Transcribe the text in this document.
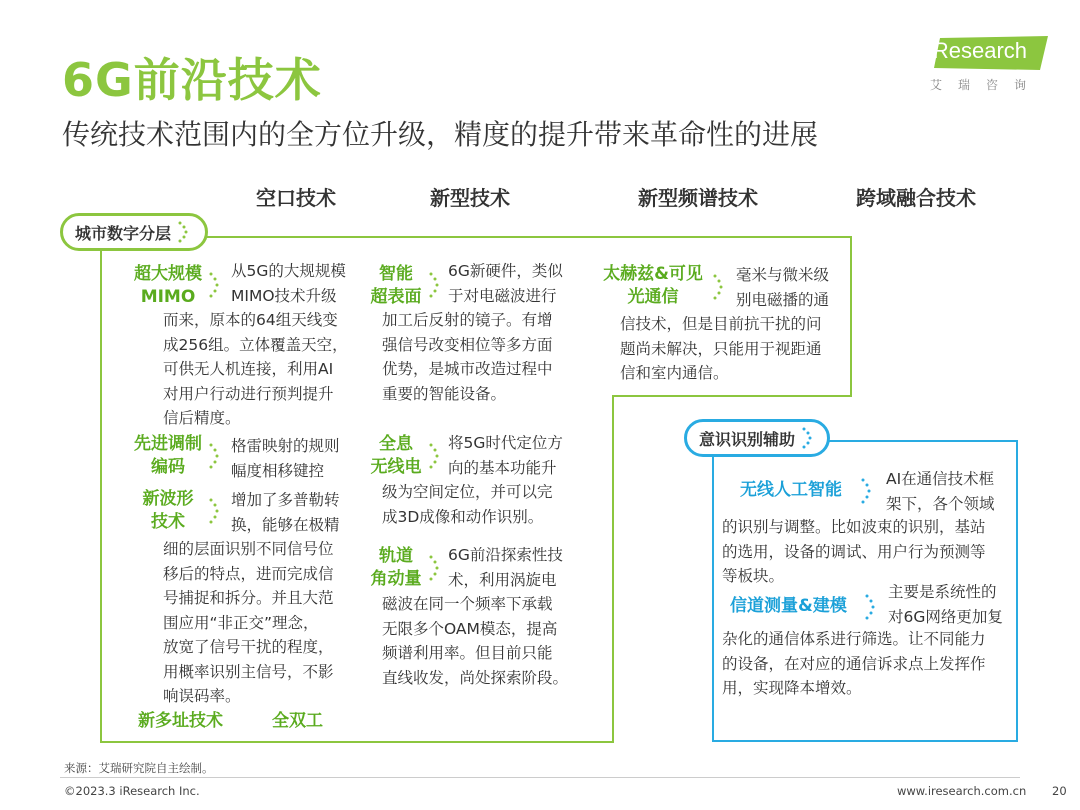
6G前沿技术
传统技术范围内的全方位升级，精度的提升带来革命性的进展
iResearch
艾瑞咨询
空口技术	新型技术	新型频谱技术	跨域融合技术
城市数字分层
意识识别辅助
超大规模
MIMO
从5G的大规规模
MIMO技术升级
而来，原本的64组天线变
成256组。立体覆盖天空，
可供无人机连接，利用AI
对用户行动进行预判提升
信后精度。
先进调制
编码
格雷映射的规则
幅度相移键控
新波形
技术
增加了多普勒转
换，能够在极精
细的层面识别不同信号位
移后的特点，进而完成信
号捕捉和拆分。并且大范
围应用“非正交”理念，
放宽了信号干扰的程度，
用概率识别主信号，不影
响误码率。
新多址技术	全双工
智能
超表面
6G新硬件，类似
于对电磁波进行
加工后反射的镜子。有增
强信号改变相位等多方面
优势，是城市改造过程中
重要的智能设备。
全息
无线电
将5G时代定位方
向的基本功能升
级为空间定位，并可以完
成3D成像和动作识别。
轨道
角动量
6G前沿探索性技
术，利用涡旋电
磁波在同一个频率下承载
无限多个OAM模态，提高
频谱利用率。但目前只能
直线收发，尚处探索阶段。
太赫兹&可见
光通信
毫米与微米级
别电磁播的通
信技术，但是目前抗干扰的问
题尚未解决，只能用于视距通
信和室内通信。
无线人工智能
AI在通信技术框
架下，各个领域
的识别与调整。比如波束的识别，基站
的选用，设备的调试、用户行为预测等
等板块。
信道测量&建模
主要是系统性的
对6G网络更加复
杂化的通信体系进行筛选。让不同能力
的设备，在对应的通信诉求点上发挥作
用，实现降本增效。
来源：艾瑞研究院自主绘制。
©2023.3 iResearch Inc.	www.iresearch.com.cn 20
